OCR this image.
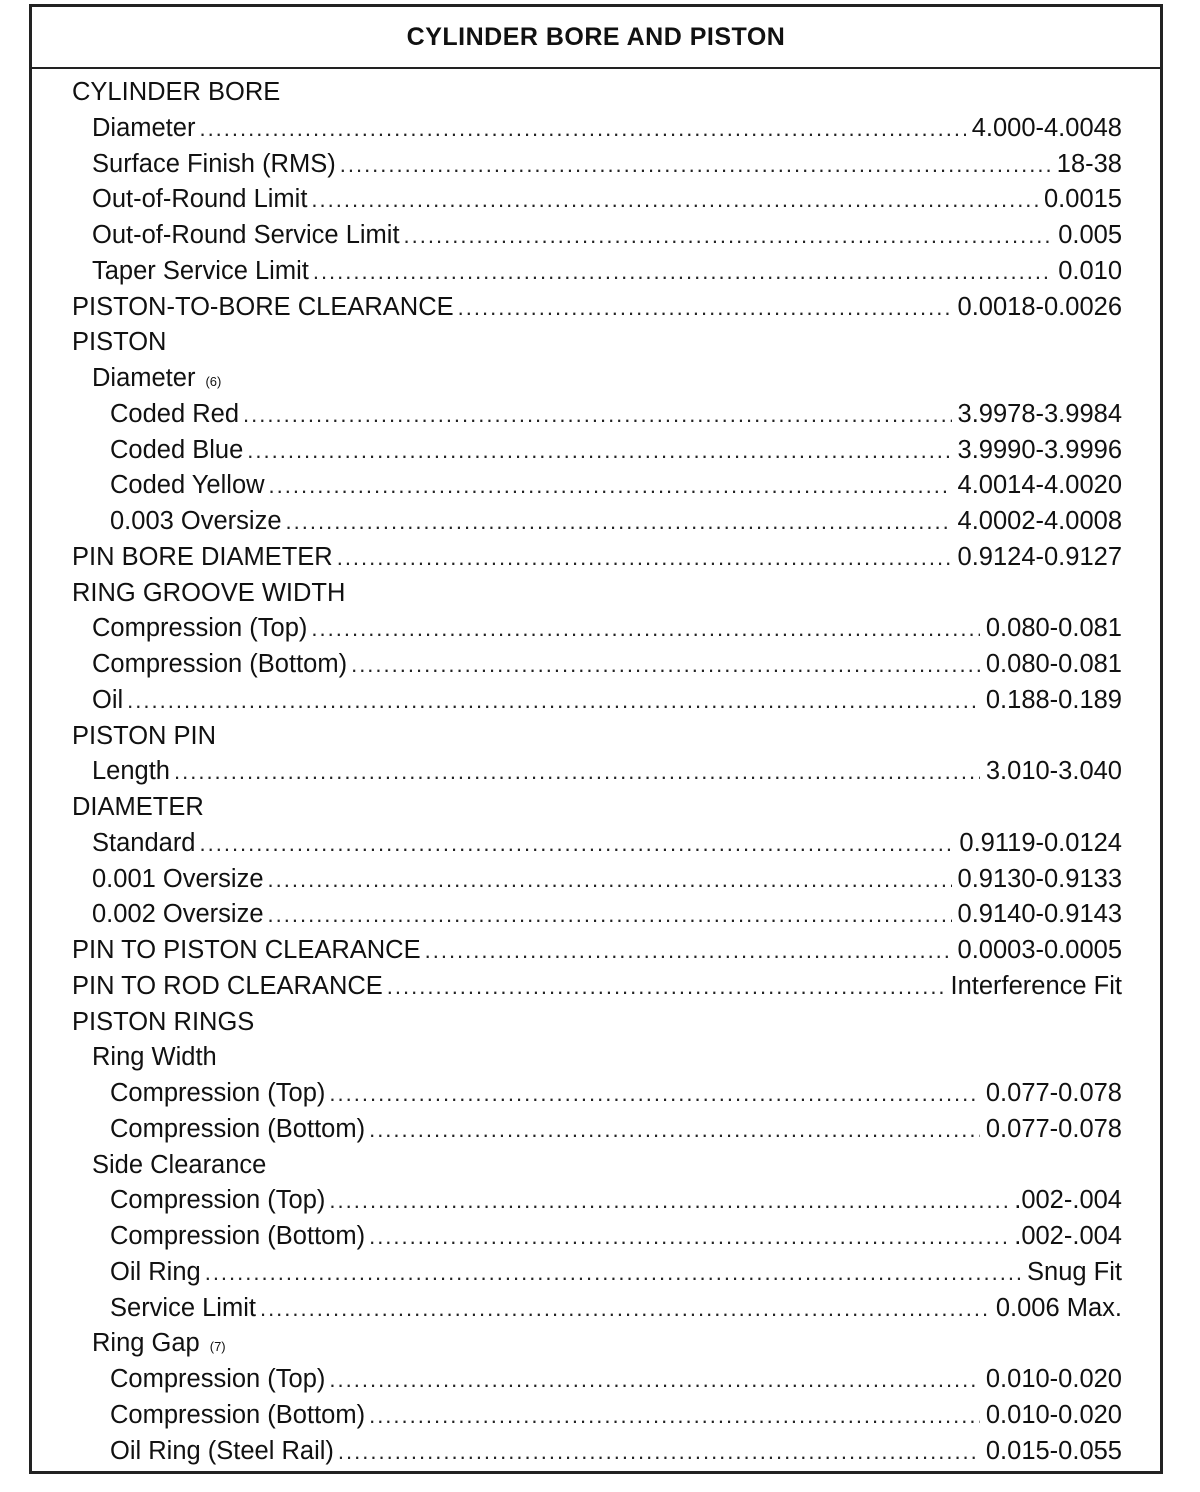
CYLINDER BORE AND PISTON
CYLINDER BORE
Diameter .....	4.000-4.0048
Surface Finish (RMS) .....	18-38
Out-of-Round Limit .....	0.0015
Out-of-Round Service Limit .....	0.005
Taper Service Limit .....	0.010
PISTON-TO-BORE CLEARANCE .....	0.0018-0.0026
PISTON
Diameter (6)
Coded Red .....	3.9978-3.9984
Coded Blue .....	3.9990-3.9996
Coded Yellow .....	4.0014-4.0020
0.003 Oversize .....	4.0002-4.0008
PIN BORE DIAMETER .....	0.9124-0.9127
RING GROOVE WIDTH
Compression (Top) .....	0.080-0.081
Compression (Bottom) .....	0.080-0.081
Oil .....	0.188-0.189
PISTON PIN
Length .....	3.010-3.040
DIAMETER
Standard .....	0.9119-0.0124
0.001 Oversize .....	0.9130-0.9133
0.002 Oversize .....	0.9140-0.9143
PIN TO PISTON CLEARANCE .....	0.0003-0.0005
PIN TO ROD CLEARANCE .....	Interference Fit
PISTON RINGS
Ring Width
Compression (Top) .....	0.077-0.078
Compression (Bottom) .....	0.077-0.078
Side Clearance
Compression (Top) .....	.002-.004
Compression (Bottom) .....	.002-.004
Oil Ring .....	Snug Fit
Service Limit .....	0.006 Max.
Ring Gap (7)
Compression (Top) .....	0.010-0.020
Compression (Bottom) .....	0.010-0.020
Oil Ring (Steel Rail) .....	0.015-0.055
